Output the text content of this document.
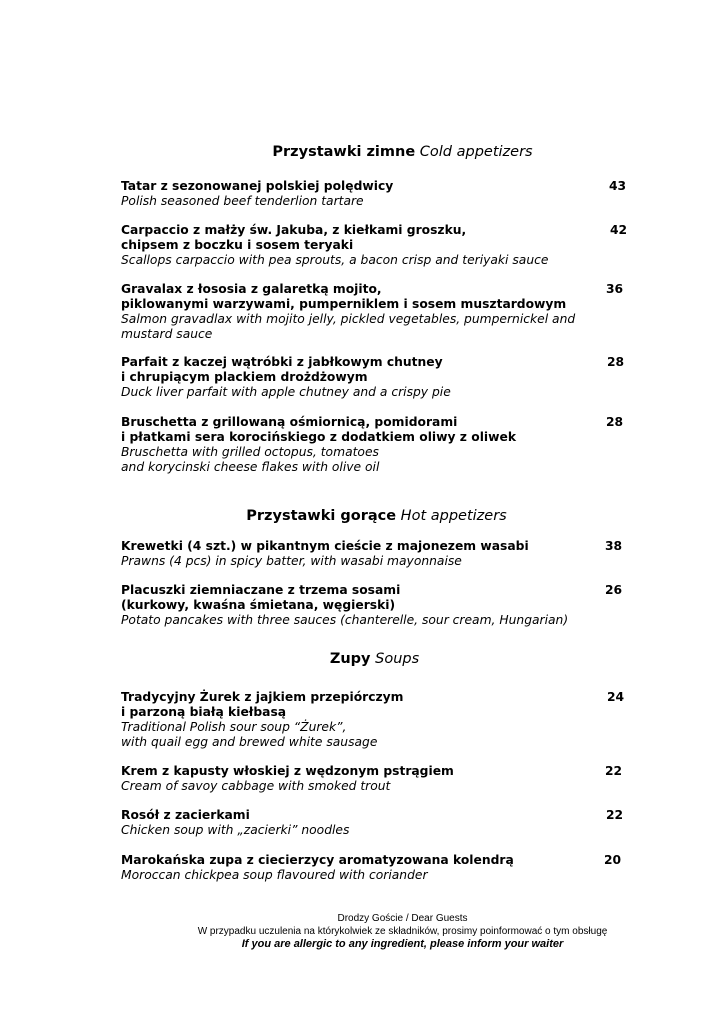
Przystawki zimne Cold appetizers
Tatar z sezonowanej polskiej polędwicy
Polish seasoned beef tenderlion tartare
43
Carpaccio z małży św. Jakuba, z kiełkami groszku,
chipsem z boczku i sosem teryaki
Scallops carpaccio with pea sprouts, a bacon crisp and teriyaki sauce
42
Gravalax z łososia z galaretką mojito,
piklowanymi warzywami, pumperniklem i sosem musztardowym
Salmon gravadlax with mojito jelly, pickled vegetables, pumpernickel and
mustard sauce
36
Parfait z kaczej wątróbki z jabłkowym chutney
i chrupiącym plackiem drożdżowym
Duck liver parfait with apple chutney and a crispy pie
28
Bruschetta z grillowaną ośmiornicą, pomidorami
i płatkami sera korocińskiego z dodatkiem oliwy z oliwek
Bruschetta with grilled octopus, tomatoes
and korycinski cheese flakes with olive oil
28
Przystawki gorące Hot appetizers
Krewetki (4 szt.) w pikantnym cieście z majonezem wasabi
Prawns (4 pcs) in spicy batter, with wasabi mayonnaise
38
Placuszki ziemniaczane z trzema sosami
(kurkowy, kwaśna śmietana, węgierski)
Potato pancakes with three sauces (chanterelle, sour cream, Hungarian)
26
Zupy Soups
Tradycyjny Żurek z jajkiem przepiórczym
i parzoną białą kiełbasą
Traditional Polish sour soup “Żurek”,
with quail egg and brewed white sausage
24
Krem z kapusty włoskiej z wędzonym pstrągiem
Cream of savoy cabbage with smoked trout
22
Rosół z zacierkami
Chicken soup with „zacierki” noodles
22
Marokańska zupa z ciecierzycy aromatyzowana kolendrą
Moroccan chickpea soup flavoured with coriander
20
Drodzy Goście / Dear Guests
W przypadku uczulenia na którykolwiek ze składników, prosimy poinformować o tym obsługę
If you are allergic to any ingredient, please inform your waiter
